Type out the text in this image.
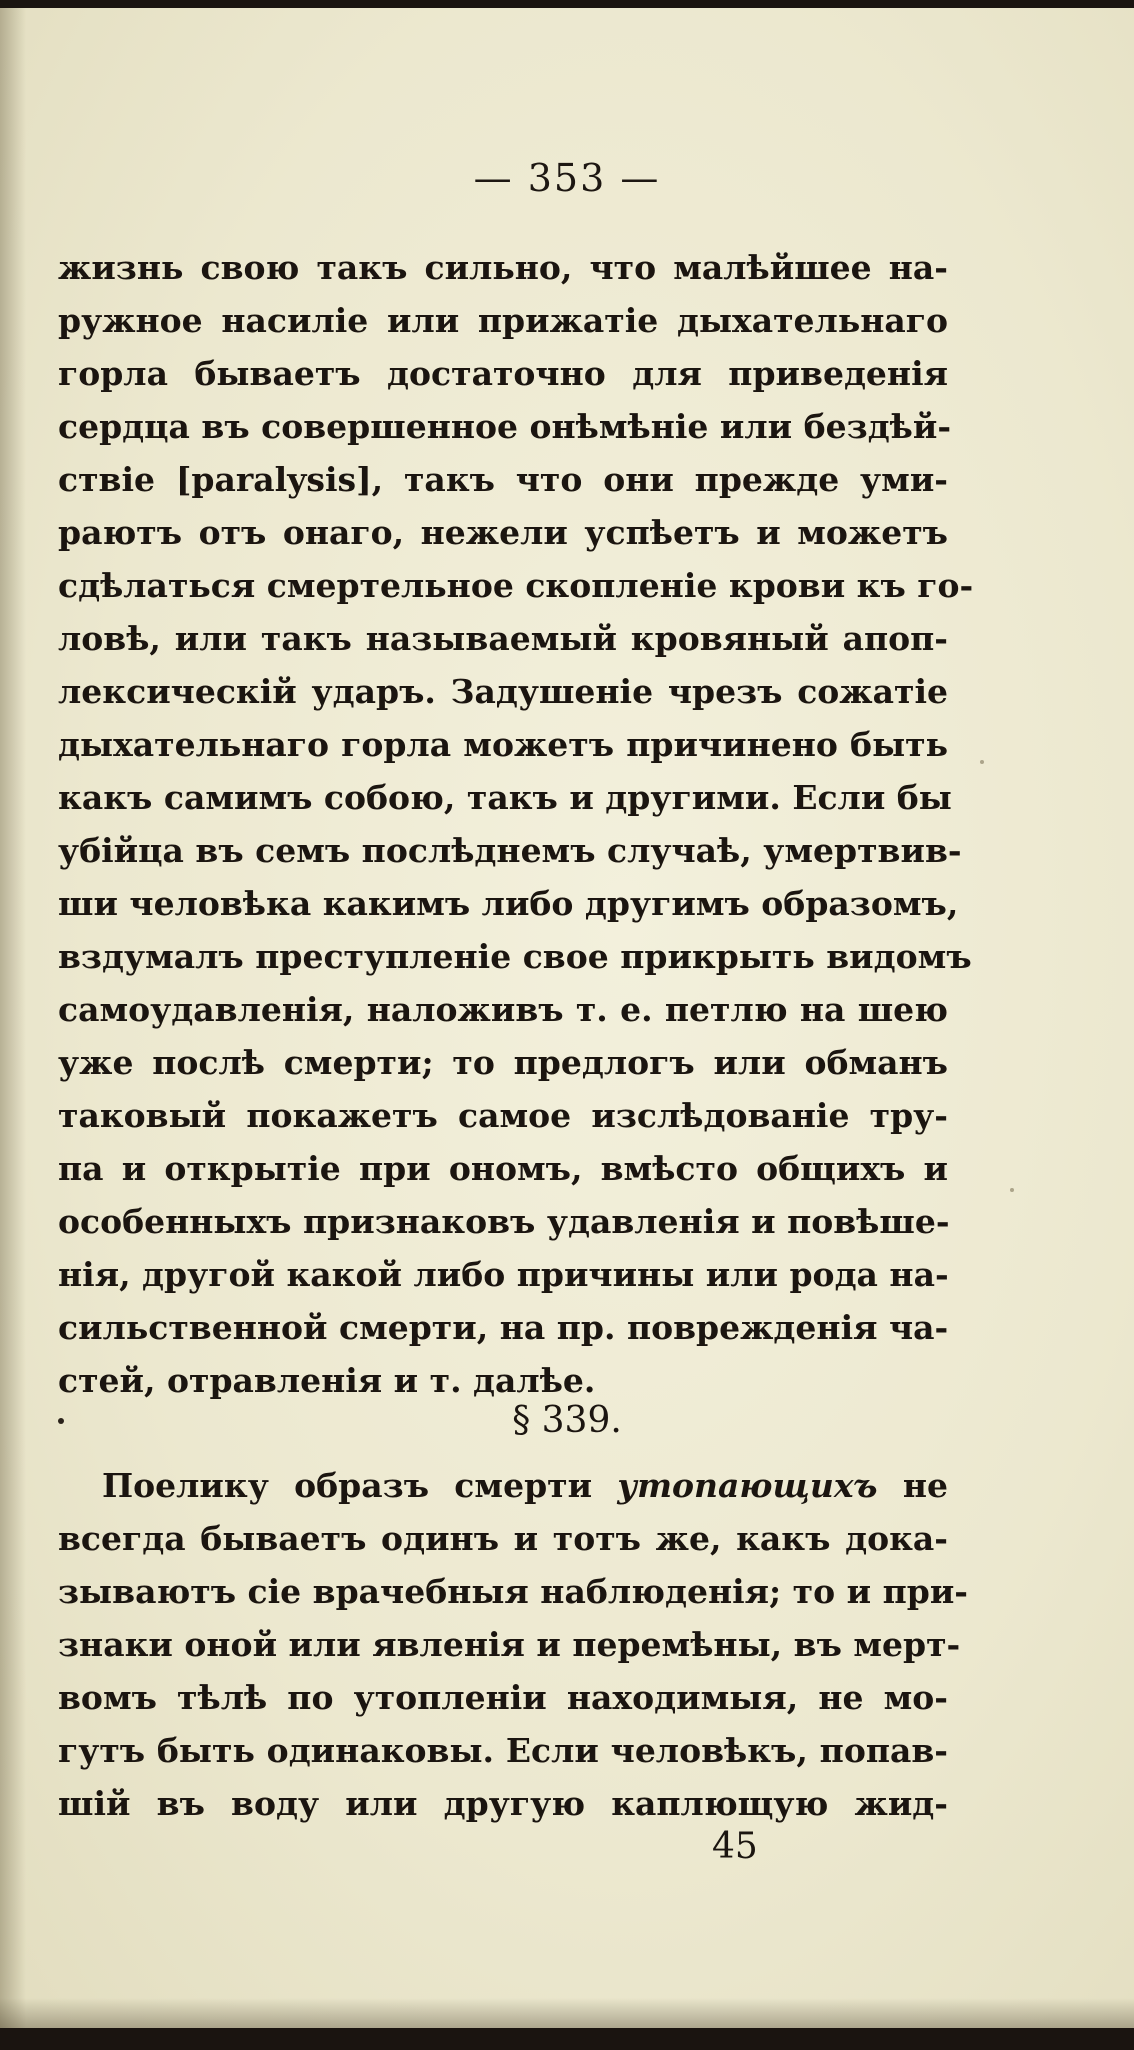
— 353 —
жизнь свою такъ сильно, что малѣйшее на-
ружное насиліе или прижатіе дыхательнаго
горла бываетъ достаточно для приведенія
сердца въ совершенное онѣмѣніе или бездѣй-
ствіе [paralysis], такъ что они прежде уми-
раютъ отъ онаго, нежели успѣетъ и можетъ
сдѣлаться смертельное скопленіе крови къ го-
ловѣ, или такъ называемый кровяный апоп-
лексическій ударъ. Задушеніе чрезъ сожатіе
дыхательнаго горла можетъ причинено быть
какъ самимъ собою, такъ и другими. Если бы
убійца въ семъ послѣднемъ случаѣ, умертвив-
ши человѣка какимъ либо другимъ образомъ,
вздумалъ преступленіе свое прикрыть видомъ
самоудавленія, наложивъ т. е. петлю на шею
уже послѣ смерти; то предлогъ или обманъ
таковый покажетъ самое изслѣдованіе тру-
па и открытіе при ономъ, вмѣсто общихъ и
особенныхъ признаковъ удавленія и повѣше-
нія, другой какой либо причины или рода на-
сильственной смерти, на пр. поврежденія ча-
стей, отравленія и т. далѣе.
§ 339.
Поелику образъ смерти утопающихъ не
всегда бываетъ одинъ и тотъ же, какъ дока-
зываютъ сіе врачебныя наблюденія; то и при-
знаки оной или явленія и перемѣны, въ мерт-
вомъ тѣлѣ по утопленіи находимыя, не мо-
гутъ быть одинаковы. Если человѣкъ, попав-
шій въ воду или другую каплющую жид-
45
